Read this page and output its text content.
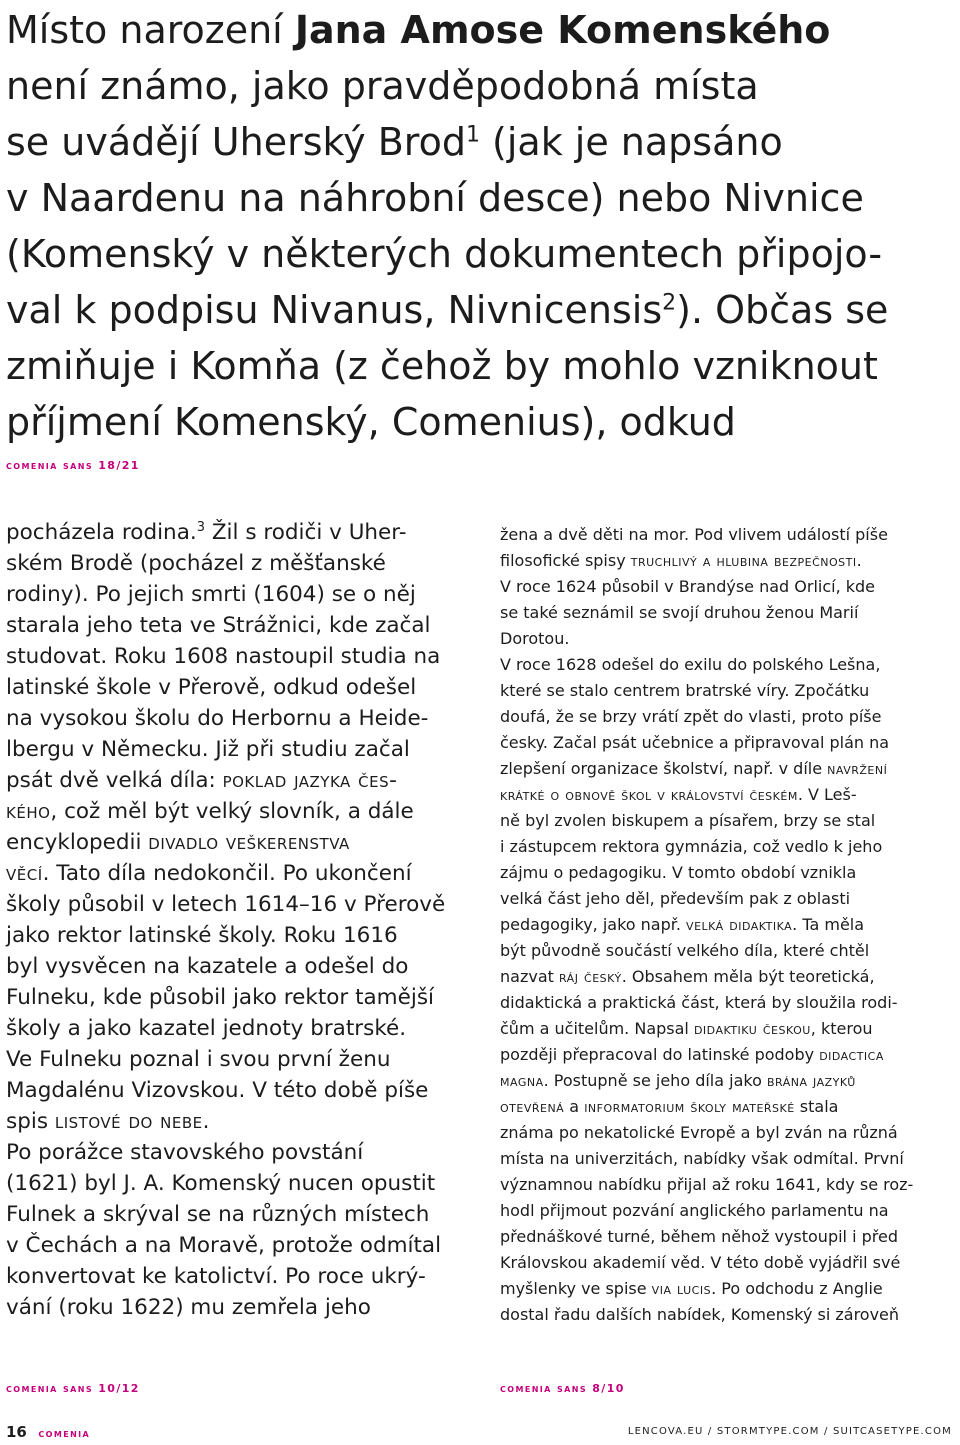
Místo narození Jana Amose Komenského
není známo, jako pravděpodobná místa
se uvádějí Uherský Brod$^1$ (jak je napsáno
v Naardenu na náhrobní desce) nebo Nivnice
(Komenský v některých dokumentech připojo-
val k podpisu Nivanus, Nivnicensis$^2$). Občas se
zmiňuje i Komňa (z čehož by mohlo vzniknout
příjmení Komenský, Comenius), odkud
comenia sans 18/21
pocházela rodina.$^3$ Žil s rodiči v Uher-
ském Brodě (pocházel z měšťanské
rodiny). Po jejich smrti (1604) se o něj
starala jeho teta ve Strážnici, kde začal
studovat. Roku 1608 nastoupil studia na
latinské škole v Přerově, odkud odešel
na vysokou školu do Herbornu a Heide-
lbergu v Německu. Již při studiu začal
psát dvě velká díla: poklad jazyka čes-
kého, což měl být velký slovník, a dále
encyklopedii divadlo veškerenstva
věcí. Tato díla nedokončil. Po ukončení
školy působil v letech 1614–16 v Přerově
jako rektor latinské školy. Roku 1616
byl vysvěcen na kazatele a odešel do
Fulneku, kde působil jako rektor tamější
školy a jako kazatel jednoty bratrské.
Ve Fulneku poznal i svou první ženu
Magdalénu Vizovskou. V této době píše
spis listové do nebe.
Po porážce stavovského povstání
(1621) byl J. A. Komenský nucen opustit
Fulnek a skrýval se na různých místech
v Čechách a na Moravě, protože odmítal
konvertovat ke katolictví. Po roce ukrý-
vání (roku 1622) mu zemřela jeho
žena a dvě děti na mor. Pod vlivem událostí píše
filosofické spisy truchlivý a hlubina bezpečnosti.
V roce 1624 působil v Brandýse nad Orlicí, kde
se také seznámil se svojí druhou ženou Marií
Dorotou.
V roce 1628 odešel do exilu do polského Lešna,
které se stalo centrem bratrské víry. Zpočátku
doufá, že se brzy vrátí zpět do vlasti, proto píše
česky. Začal psát učebnice a připravoval plán na
zlepšení organizace školství, např. v díle navržení
krátké o obnově škol v království českém. V Leš-
ně byl zvolen biskupem a písařem, brzy se stal
i zástupcem rektora gymnázia, což vedlo k jeho
zájmu o pedagogiku. V tomto období vznikla
velká část jeho děl, především pak z oblasti
pedagogiky, jako např. velká didaktika. Ta měla
být původně součástí velkého díla, které chtěl
nazvat ráj český. Obsahem měla být teoretická,
didaktická a praktická část, která by sloužila rodi-
čům a učitelům. Napsal didaktiku českou, kterou
později přepracoval do latinské podoby didactica
magna. Postupně se jeho díla jako brána jazyků
otevřená a informatorium školy mateřské stala
známa po nekatolické Evropě a byl zván na různá
místa na univerzitách, nabídky však odmítal. První
významnou nabídku přijal až roku 1641, kdy se roz-
hodl přijmout pozvání anglického parlamentu na
přednáškové turné, během něhož vystoupil i před
Královskou akademií věd. V této době vyjádřil své
myšlenky ve spise via lucis. Po odchodu z Anglie
dostal řadu dalších nabídek, Komenský si zároveň
comenia sans 10/12	comenia sans 8/10
16 comenia	LENCOVA.EU / STORMTYPE.COM / SUITCASETYPE.COM
